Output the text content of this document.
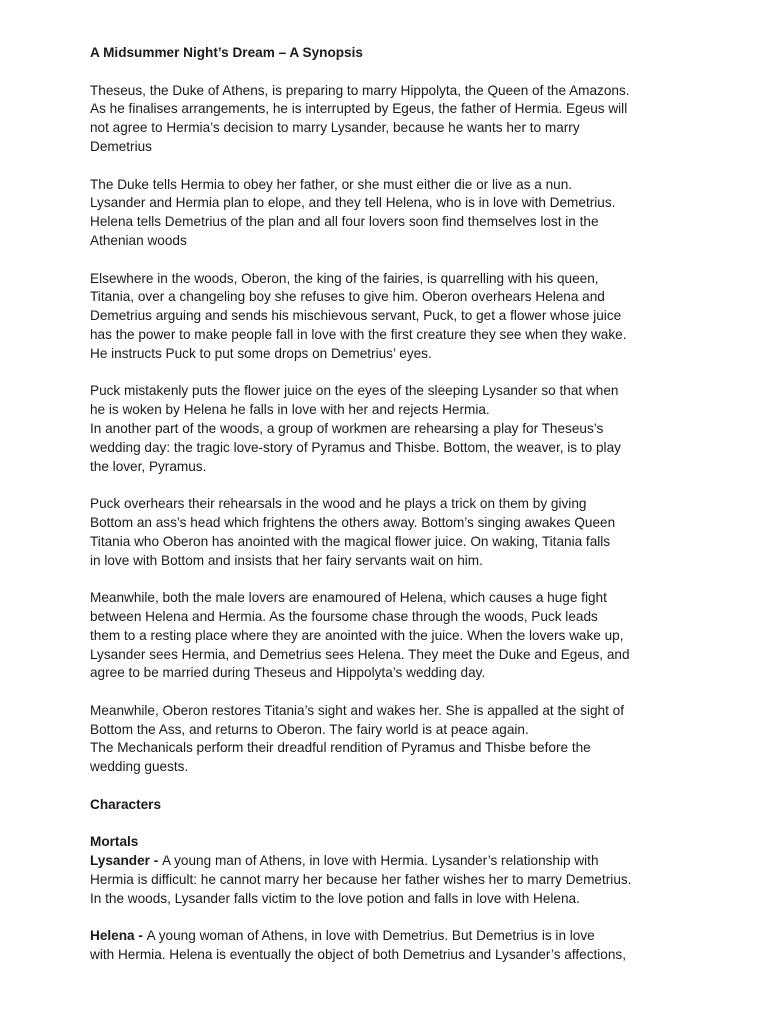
A Midsummer Night’s Dream – A Synopsis
Theseus, the Duke of Athens, is preparing to marry Hippolyta, the Queen of the Amazons.
As he finalises arrangements, he is interrupted by Egeus, the father of Hermia. Egeus will
not agree to Hermia’s decision to marry Lysander, because he wants her to marry
Demetrius
The Duke tells Hermia to obey her father, or she must either die or live as a nun.
Lysander and Hermia plan to elope, and they tell Helena, who is in love with Demetrius.
Helena tells Demetrius of the plan and all four lovers soon find themselves lost in the
Athenian woods
Elsewhere in the woods, Oberon, the king of the fairies, is quarrelling with his queen,
Titania, over a changeling boy she refuses to give him. Oberon overhears Helena and
Demetrius arguing and sends his mischievous servant, Puck, to get a flower whose juice
has the power to make people fall in love with the first creature they see when they wake.
He instructs Puck to put some drops on Demetrius’ eyes.
Puck mistakenly puts the flower juice on the eyes of the sleeping Lysander so that when
he is woken by Helena he falls in love with her and rejects Hermia.
In another part of the woods, a group of workmen are rehearsing a play for Theseus’s
wedding day: the tragic love-story of Pyramus and Thisbe. Bottom, the weaver, is to play
the lover, Pyramus.
Puck overhears their rehearsals in the wood and he plays a trick on them by giving
Bottom an ass’s head which frightens the others away. Bottom’s singing awakes Queen
Titania who Oberon has anointed with the magical flower juice. On waking, Titania falls
in love with Bottom and insists that her fairy servants wait on him.
Meanwhile, both the male lovers are enamoured of Helena, which causes a huge fight
between Helena and Hermia. As the foursome chase through the woods, Puck leads
them to a resting place where they are anointed with the juice. When the lovers wake up,
Lysander sees Hermia, and Demetrius sees Helena. They meet the Duke and Egeus, and
agree to be married during Theseus and Hippolyta’s wedding day.
Meanwhile, Oberon restores Titania’s sight and wakes her. She is appalled at the sight of
Bottom the Ass, and returns to Oberon. The fairy world is at peace again.
The Mechanicals perform their dreadful rendition of Pyramus and Thisbe before the
wedding guests.
Characters
Mortals
Lysander - A young man of Athens, in love with Hermia. Lysander’s relationship with
Hermia is difficult: he cannot marry her because her father wishes her to marry Demetrius.
In the woods, Lysander falls victim to the love potion and falls in love with Helena.
Helena - A young woman of Athens, in love with Demetrius. But Demetrius is in love
with Hermia. Helena is eventually the object of both Demetrius and Lysander’s affections,
